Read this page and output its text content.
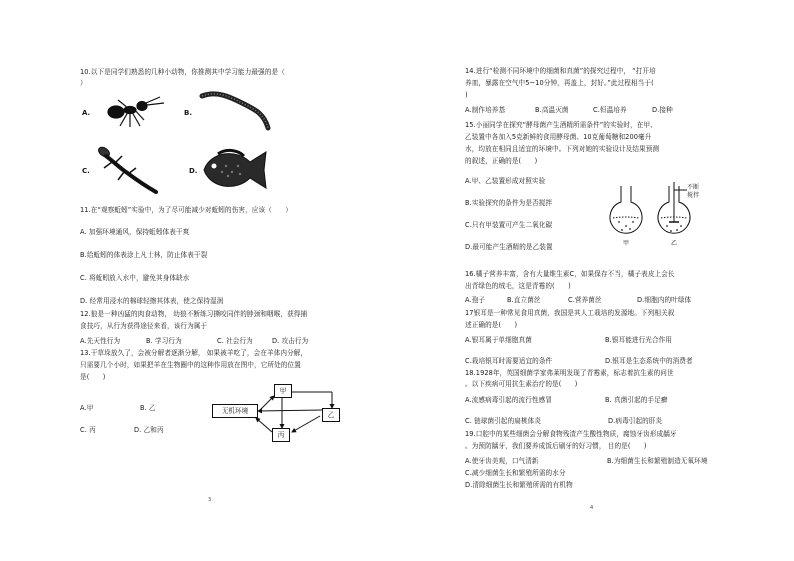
10.以下是同学们熟悉的几种小动物，你推测其中学习能力最强的是（
）
A.	B.
C.	D.
11.在“观察蚯蚓”实验中，为了尽可能减少对蚯蚓的伤害，应该（　　）
A. 加强环境通风，保持蚯蚓体表干爽
B.给蚯蚓的体表涂上凡士林，防止体表干裂
C. 将蚯蚓放入水中，避免其身体缺水
D. 经常用浸水的棉球轻擦其体表，使之保持湿润
12.狼是一种凶猛的肉食动物， 幼狼不断练习撕咬同伴的脖颈和咽喉，获得捕
食技巧，从行为获得途径来看，该行为属于
A.先天性行为	B. 学习行为	C. 社会行为	D. 攻击行为
13.干草垛放久了，会被分解者逐渐分解， 如果被羊吃了，会在羊体内分解，
只需要几个小时，如果把羊在生物圈中的这种作用放在图中，它所处的位置
是(　　)
A.甲	B. 乙
C. 丙	D. 乙和丙
无机环境
甲
乙
丙
3
14.进行“检测不同环境中的细菌和真菌”的探究过程中， “打开培
养皿，暴露在空气中5~10分钟，再盖上，封好。”此过程相当于(
)
A.制作培养基	B.高温灭菌	C.恒温培养	D.接种
15.小丽同学在探究“酵母菌产生酒精所需条件”的实验时，在甲、
乙装置中各加入5克新鲜的食用酵母菌、10克葡萄糖和200毫升
水，均放在相同且适宜的环境中。下列对她的实验设计及结果预测
的叙述，正确的是(　　)
A.甲、乙装置形成对照实验
B.实验探究的条件为是否搅拌
C.只有甲装置可产生二氧化碳
D.最可能产生酒精的是乙装置
不断
搅拌
甲	乙
16.橘子营养丰富，含有大量维生素C，如果保存不当，橘子表皮上会长
出青绿色的绒毛，这是青霉的(　　)
A.孢子	B.直立菌丝	C.营养菌丝	D.细胞内的叶绿体
17银耳是一种常见食用真菌，我国是其人工栽培的发源地。下列相关叙
述正确的是(　　)
A.银耳属于单细胞真菌	B.银耳能进行光合作用
C.栽培银耳时需要适宜的条件	D.银耳是生态系统中的消费者
18.1928年，英国细菌学家弗莱明发现了青霉素，标志着抗生素的问世
。以下疾病可用抗生素治疗的是(　　)
A.流感病毒引起的流行性感冒	B. 真菌引起的手足癣
C. 链球菌引起的扁桃体炎	D.病毒引起的肝炎
19.口腔中的某些细菌会分解食物残渣产生酸性物质，腐蚀牙齿形成龋牙
。为预防龋牙，我们要养成饭后刷牙的好习惯， 目的是(　　)
A.使牙齿美观，口气清新	B.为细菌生长和繁殖制造无氧环境
C.减少细菌生长和繁殖所需的水分
D.清除细菌生长和繁殖所需的有机物
4
